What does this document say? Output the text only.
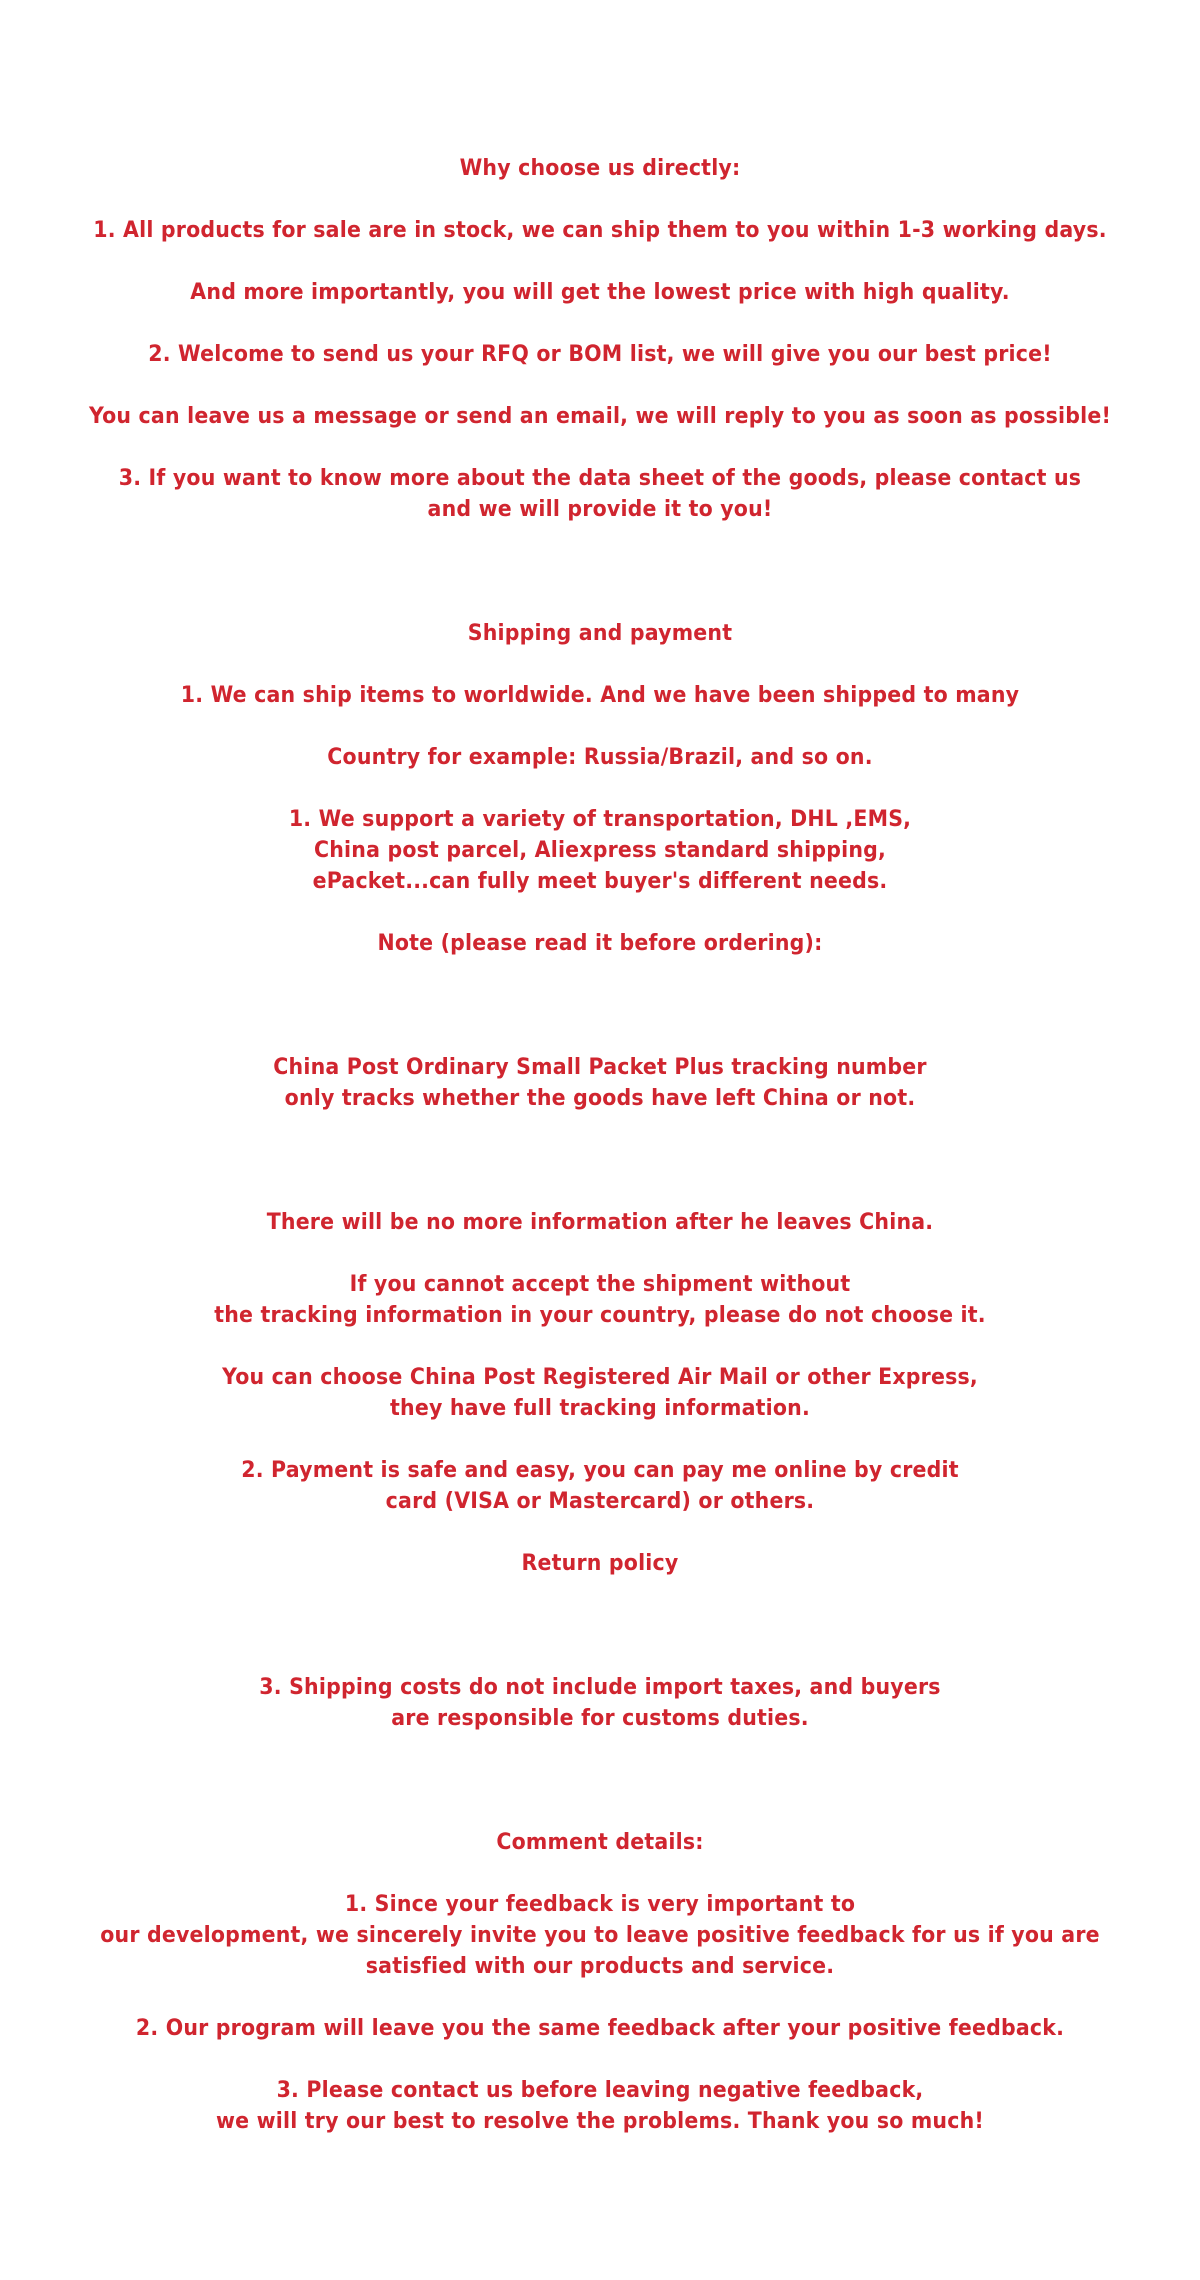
Why choose us directly:
1. All products for sale are in stock, we can ship them to you within 1-3 working days.
And more importantly, you will get the lowest price with high quality.
2. Welcome to send us your RFQ or BOM list, we will give you our best price!
You can leave us a message or send an email, we will reply to you as soon as possible!
3. If you want to know more about the data sheet of the goods, please contact us
and we will provide it to you!
Shipping and payment
1. We can ship items to worldwide. And we have been shipped to many
Country for example: Russia/Brazil, and so on.
1. We support a variety of transportation, DHL ,EMS,
China post parcel, Aliexpress standard shipping,
ePacket...can fully meet buyer's different needs.
Note (please read it before ordering):
China Post Ordinary Small Packet Plus tracking number
only tracks whether the goods have left China or not.
There will be no more information after he leaves China.
If you cannot accept the shipment without
the tracking information in your country, please do not choose it.
You can choose China Post Registered Air Mail or other Express,
they have full tracking information.
2. Payment is safe and easy, you can pay me online by credit
card (VISA or Mastercard) or others.
Return policy
3. Shipping costs do not include import taxes, and buyers
are responsible for customs duties.
Comment details:
1. Since your feedback is very important to
our development, we sincerely invite you to leave positive feedback for us if you are
satisfied with our products and service.
2. Our program will leave you the same feedback after your positive feedback.
3. Please contact us before leaving negative feedback,
we will try our best to resolve the problems. Thank you so much!
